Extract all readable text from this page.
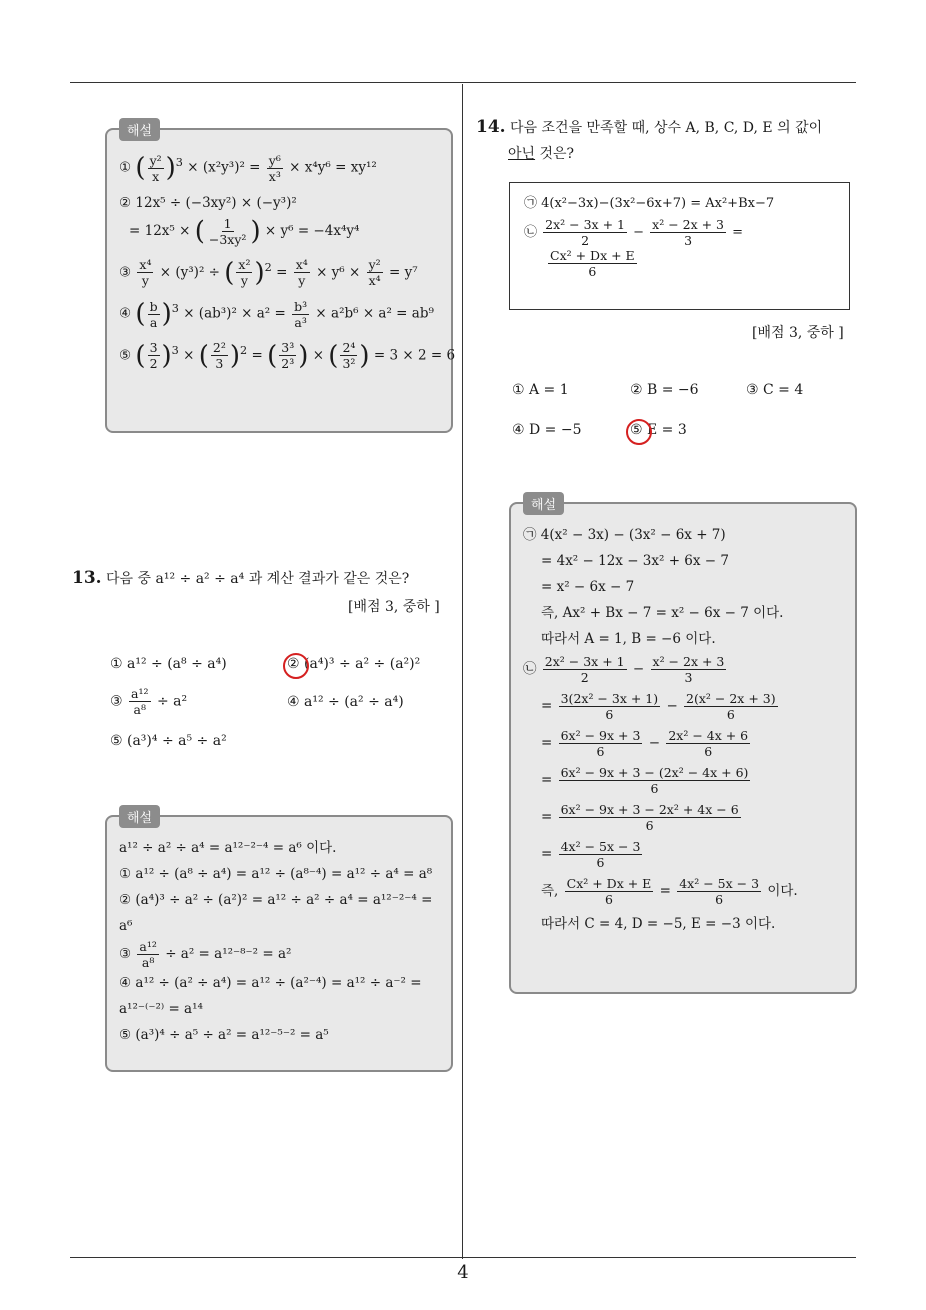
해설
① ( $\frac{\text{y²}}{x} )^3 \times (x^2y^3)^2 = \frac{\text{y⁶}}{\text{x³}} \times x^4y^6 = xy^{12}$
② 12x⁵ ÷ (−3xy²) × (−y³)²
= 12x⁵ × ( $\frac{1}{\text{−3xy²}}$ ) × y⁶ = −4x⁴y⁴
③ $\frac{\text{x⁴}}{y} \times (y^3)^2$ ÷ ( $\frac{\text{x²}}{y} )^2 = \frac{\text{x⁴}}{y} \times y^6 \times \frac{\text{y²}}{\text{x⁴}} = y^7$
④ ( $\frac{b}{a} )^3 \times (ab^3)^2 \times a^2 = \frac{\text{b³}}{\text{a³}} \times a^2b^6 \times a^2 = ab^9$
⑤ ( $\frac{3}{2} )^3$ × ( $\frac{\text{2²}}{3} )^2$ = ( $\frac{\text{3³}}{\text{2³}}$ ) × ( $\frac{\text{2⁴}}{\text{3²}}$ ) = 3 × 2 = 6
13. 다음 중 a¹² ÷ a² ÷ a⁴ 과 계산 결과가 같은 것은?
[배점 3, 중하 ]
① a¹² ÷ (a⁸ ÷ a⁴)	② (a⁴)³ ÷ a² ÷ (a²)²
③ $\frac{\text{a¹²}}{\text{a⁸}} \div a^2$	④ a¹² ÷ (a² ÷ a⁴)
⑤ (a³)⁴ ÷ a⁵ ÷ a²
해설
a¹² ÷ a² ÷ a⁴ = a¹²⁻²⁻⁴ = a⁶ 이다.
① a¹² ÷ (a⁸ ÷ a⁴) = a¹² ÷ (a⁸⁻⁴) = a¹² ÷ a⁴ = a⁸
② (a⁴)³ ÷ a² ÷ (a²)² = a¹² ÷ a² ÷ a⁴ = a¹²⁻²⁻⁴ =
a⁶
③ $\frac{\text{a¹²}}{\text{a⁸}} \div a^2 = a^{12-8-2} = a^2$
④ a¹² ÷ (a² ÷ a⁴) = a¹² ÷ (a²⁻⁴) = a¹² ÷ a⁻² =
a¹²⁻⁽⁻²⁾ = a¹⁴
⑤ (a³)⁴ ÷ a⁵ ÷ a² = a¹²⁻⁵⁻² = a⁵
14. 다음 조건을 만족할 때, 상수 A, B, C, D, E 의 값이
아닌 것은?
㉠ 4(x²−3x)−(3x²−6x+7) = Ax²+Bx−7
㉡ $\frac{\text{2x² − 3x + 1}}{2} - \frac{\text{x² − 2x + 3}}{3}$ =
$\frac{\text{Cx² + Dx + E}}{6}$
[배점 3, 중하 ]
① A = 1	② B = −6	③ C = 4
④ D = −5	⑤ E = 3
해설
㉠ 4(x² − 3x) − (3x² − 6x + 7)
= 4x² − 12x − 3x² + 6x − 7
= x² − 6x − 7
즉, Ax² + Bx − 7 = x² − 6x − 7 이다.
따라서 A = 1, B = −6 이다.
㉡ $\frac{\text{2x² − 3x + 1}}{2} - \frac{\text{x² − 2x + 3}}{3}$
= $\frac{\text{3(2x² − 3x + 1)}}{6} - \frac{\text{2(x² − 2x + 3)}}{6}$
= $\frac{\text{6x² − 9x + 3}}{6} - \frac{\text{2x² − 4x + 6}}{6}$
= $\frac{\text{6x² − 9x + 3 − (2x² − 4x + 6)}}{6}$
= $\frac{\text{6x² − 9x + 3 − 2x² + 4x − 6}}{6}$
= $\frac{\text{4x² − 5x − 3}}{6}$
즉, $\frac{\text{Cx² + Dx + E}}{6} = \frac{\text{4x² − 5x − 3}}{6}$ 이다.
따라서 C = 4, D = −5, E = −3 이다.
4
